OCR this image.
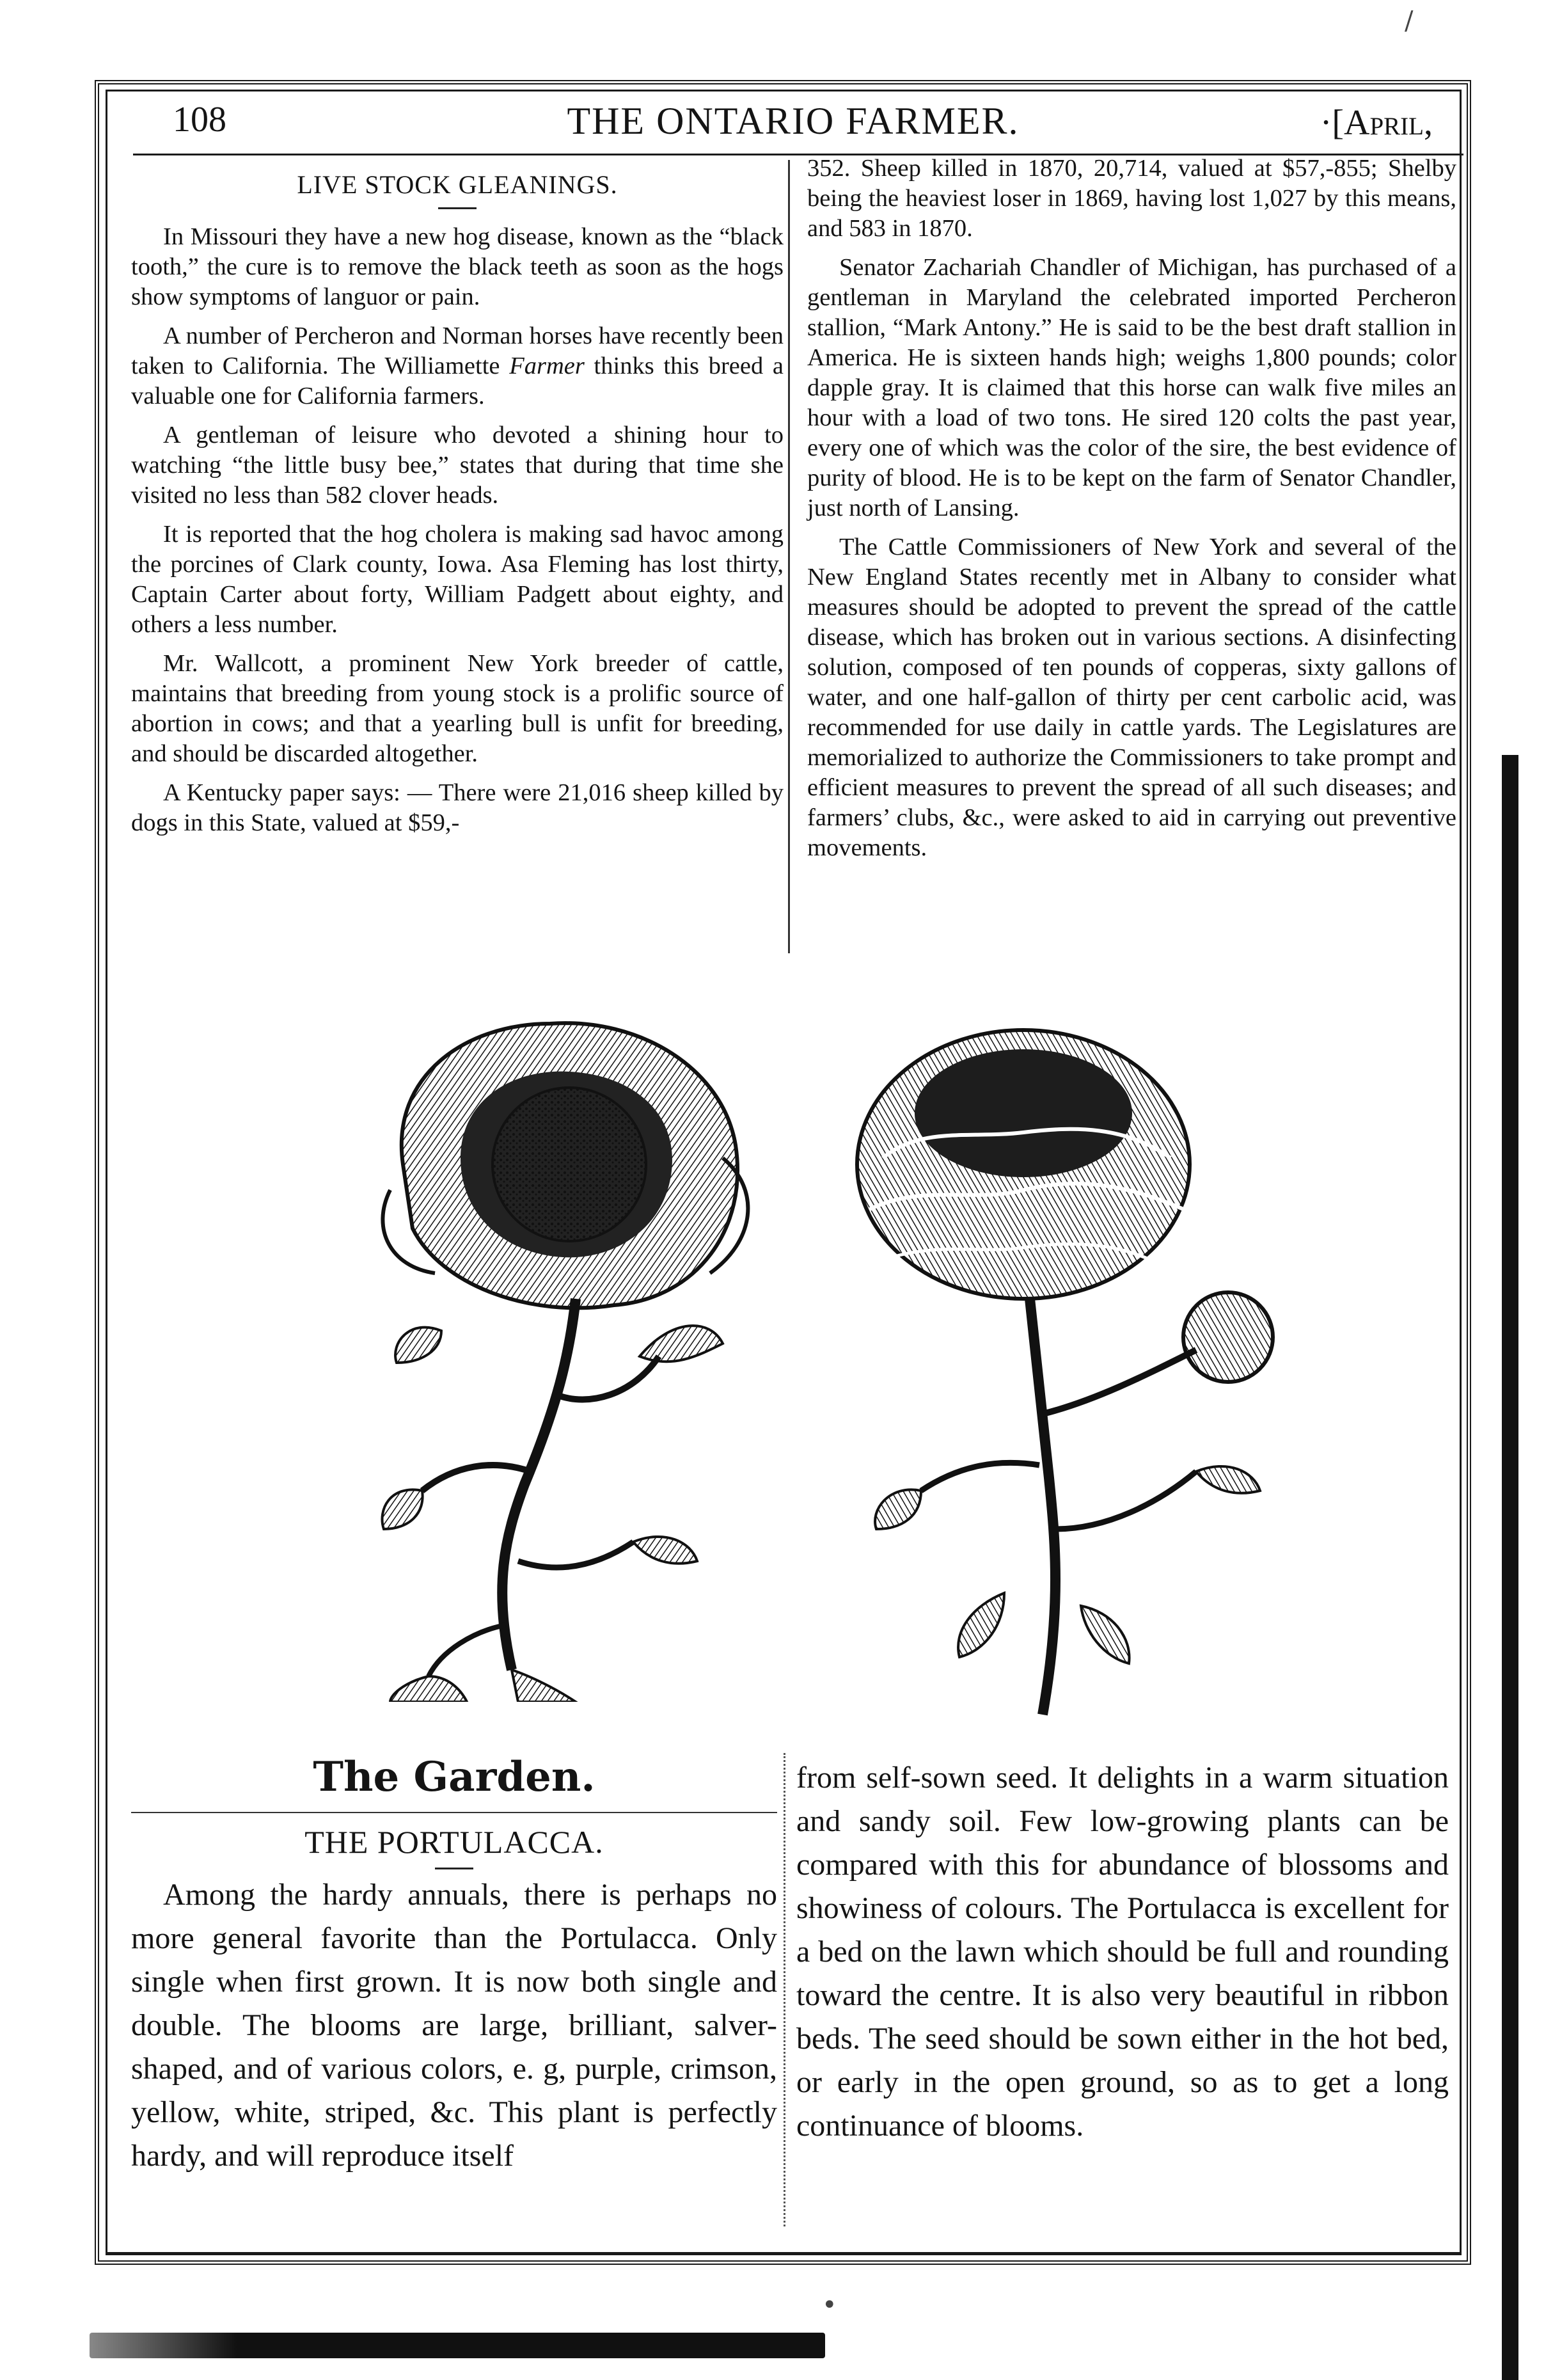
/
•
108	THE ONTARIO FARMER.	·[April,
LIVE STOCK GLEANINGS.

In Missouri they have a new hog disease, known as the “black tooth,” the cure is to remove the black teeth as soon as the hogs show symptoms of languor or pain.

A number of Percheron and Norman horses have recently been taken to California. The Williamette Farmer thinks this breed a valuable one for California farmers.

A gentleman of leisure who devoted a shining hour to watching “the little busy bee,” states that during that time she visited no less than 582 clover heads.

It is reported that the hog cholera is making sad havoc among the porcines of Clark county, Iowa. Asa Fleming has lost thirty, Captain Carter about forty, William Padgett about eighty, and others a less number.

Mr. Wallcott, a prominent New York breeder of cattle, maintains that breeding from young stock is a prolific source of abortion in cows; and that a yearling bull is unfit for breeding, and should be discarded altogether.

A Kentucky paper says: — There were 21,016 sheep killed by dogs in this State, valued at $59,-

352. Sheep killed in 1870, 20,714, valued at $57,-855; Shelby being the heaviest loser in 1869, having lost 1,027 by this means, and 583 in 1870.

Senator Zachariah Chandler of Michigan, has purchased of a gentleman in Maryland the celebrated imported Percheron stallion, “Mark Antony.” He is said to be the best draft stallion in America. He is sixteen hands high; weighs 1,800 pounds; color dapple gray. It is claimed that this horse can walk five miles an hour with a load of two tons. He sired 120 colts the past year, every one of which was the color of the sire, the best evidence of purity of blood. He is to be kept on the farm of Senator Chandler, just north of Lansing.

The Cattle Commissioners of New York and several of the New England States recently met in Albany to consider what measures should be adopted to prevent the spread of the cattle disease, which has broken out in various sections. A disinfecting solution, composed of ten pounds of copperas, sixty gallons of water, and one half-gallon of thirty per cent carbolic acid, was recommended for use daily in cattle yards. The Legislatures are memorialized to authorize the Commissioners to take prompt and efficient measures to prevent the spread of all such diseases; and farmers’ clubs, &c., were asked to aid in carrying out preventive movements.

The Garden.
THE PORTULACCA.

Among the hardy annuals, there is perhaps no more general favorite than the Portulacca. Only single when first grown. It is now both single and double. The blooms are large, brilliant, salver-shaped, and of various colors, e. g, purple, crimson, yellow, white, striped, &c. This plant is perfectly hardy, and will reproduce itself

from self-sown seed. It delights in a warm situation and sandy soil. Few low-growing plants can be compared with this for abundance of blossoms and showiness of colours. The Portulacca is excellent for a bed on the lawn which should be full and rounding toward the centre. It is also very beautiful in ribbon beds. The seed should be sown either in the hot bed, or early in the open ground, so as to get a long continuance of blooms.
